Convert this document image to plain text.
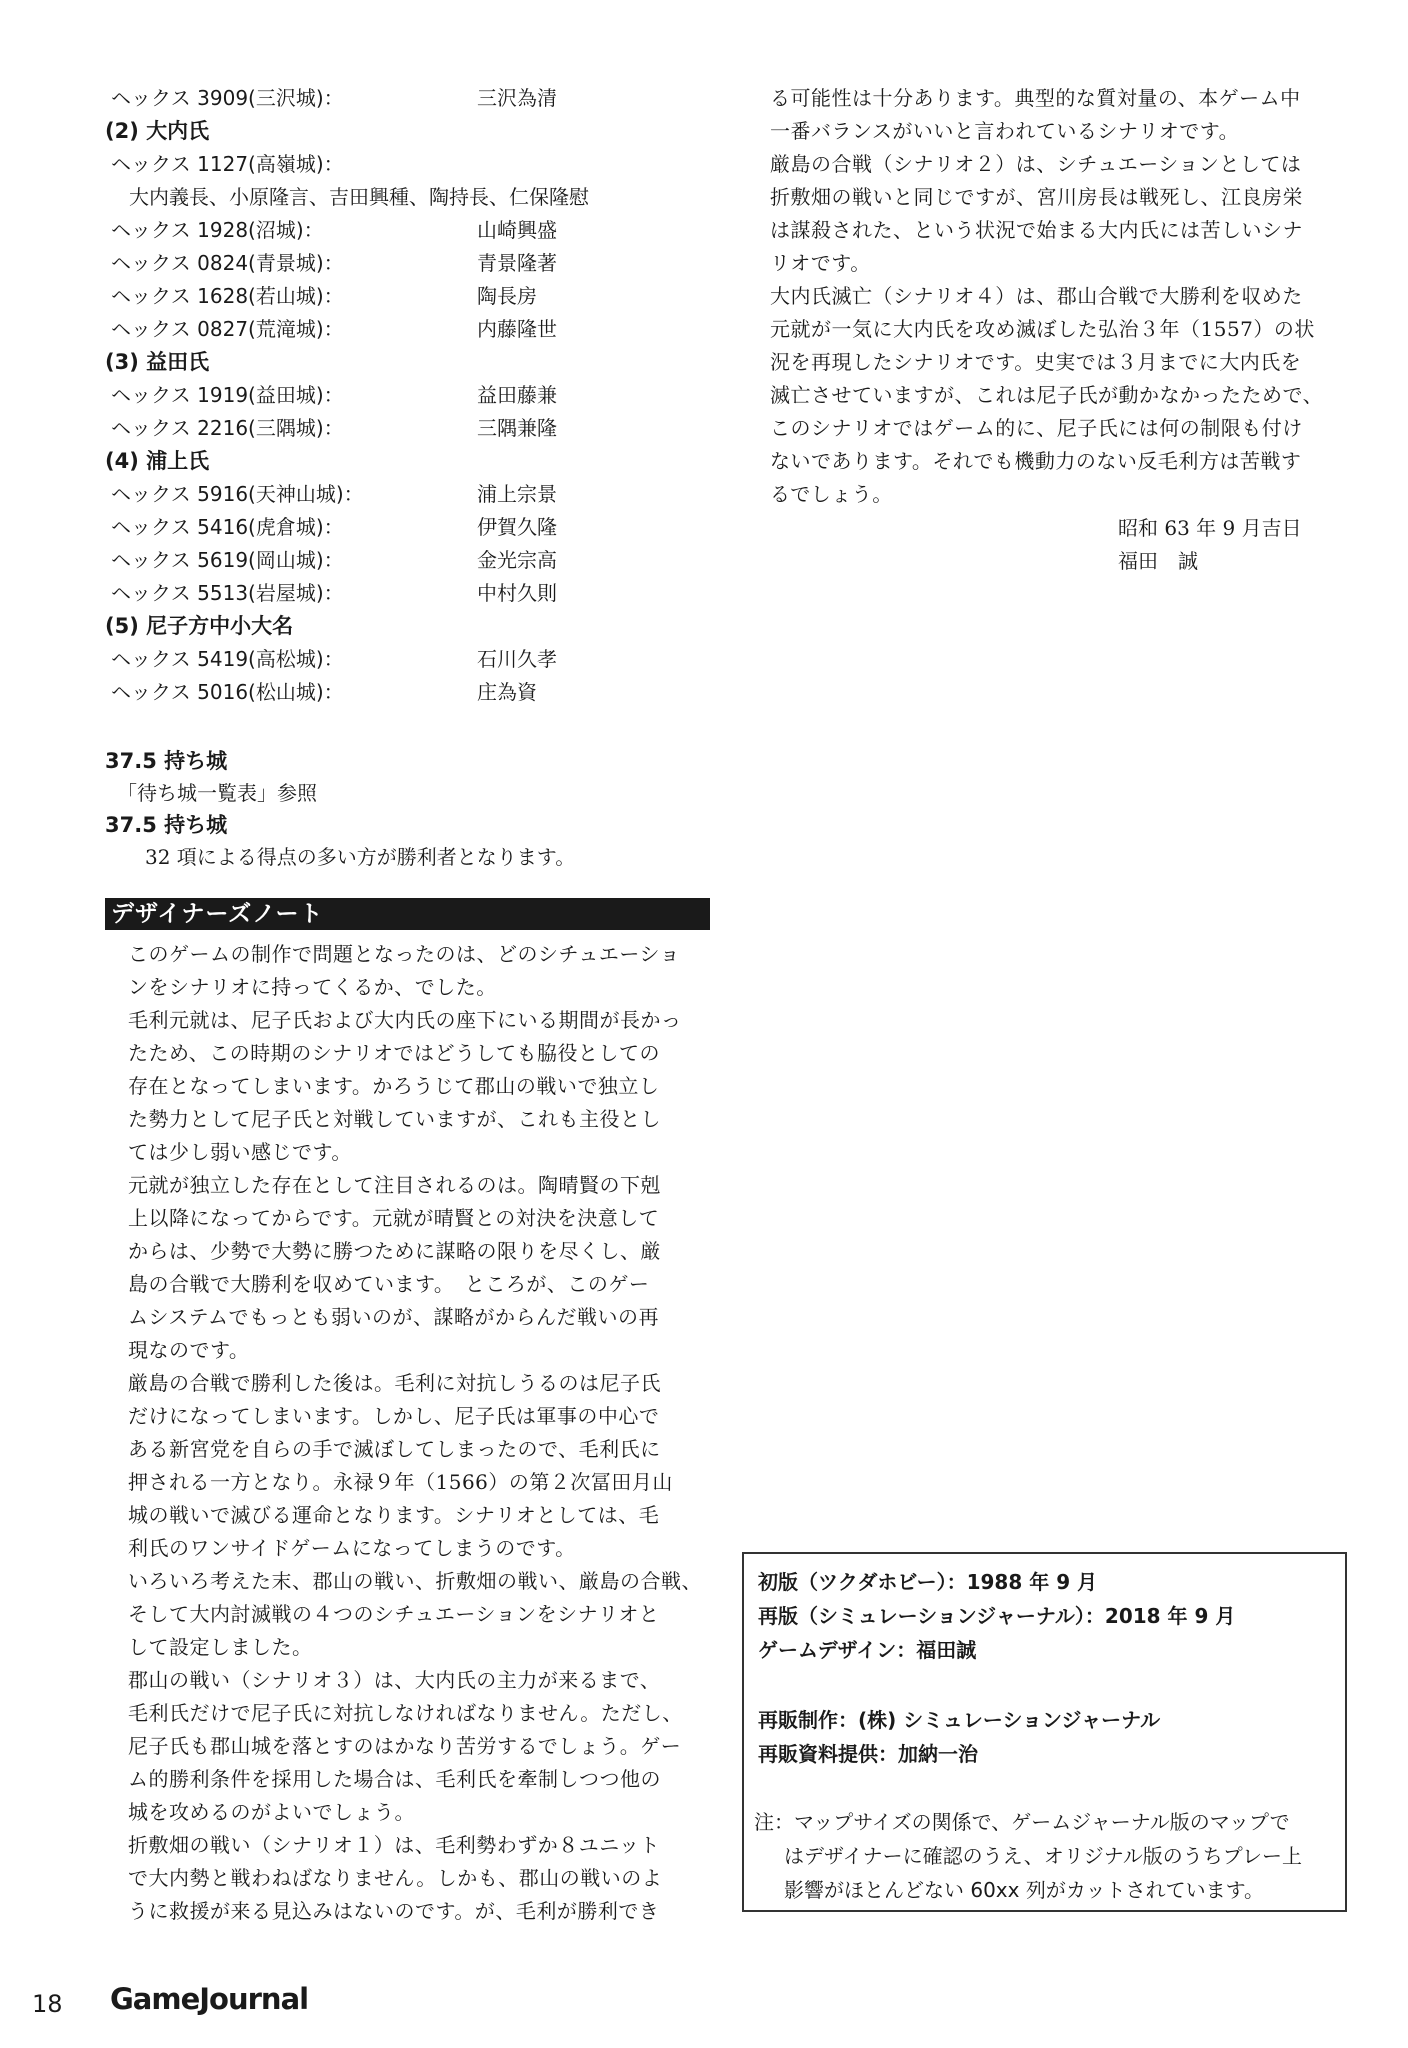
ヘックス 3909(三沢城)：	三沢為清
(2) 大内氏
ヘックス 1127(高嶺城)：
大内義長、小原隆言、吉田興種、陶持長、仁保隆慰
ヘックス 1928(沼城)：	山崎興盛
ヘックス 0824(青景城)：	青景隆著
ヘックス 1628(若山城)：	陶長房
ヘックス 0827(荒滝城)：	内藤隆世
(3) 益田氏
ヘックス 1919(益田城)：	益田藤兼
ヘックス 2216(三隅城)：	三隅兼隆
(4) 浦上氏
ヘックス 5916(天神山城)：	浦上宗景
ヘックス 5416(虎倉城)：	伊賀久隆
ヘックス 5619(岡山城)：	金光宗高
ヘックス 5513(岩屋城)：	中村久則
(5) 尼子方中小大名
ヘックス 5419(高松城)：	石川久孝
ヘックス 5016(松山城)：	庄為資
37.5 持ち城
「待ち城一覧表」参照
37.5 持ち城
32 項による得点の多い方が勝利者となります。
デザイナーズノート
このゲームの制作で問題となったのは、どのシチュエーショ
ンをシナリオに持ってくるか、でした。
毛利元就は、尼子氏および大内氏の座下にいる期間が長かっ
たため、この時期のシナリオではどうしても脇役としての
存在となってしまいます。かろうじて郡山の戦いで独立し
た勢力として尼子氏と対戦していますが、これも主役とし
ては少し弱い感じです。
元就が独立した存在として注目されるのは。陶晴賢の下剋
上以降になってからです。元就が晴賢との対決を決意して
からは、少勢で大勢に勝つために謀略の限りを尽くし、厳
島の合戦で大勝利を収めています。　ところが、このゲー
ムシステムでもっとも弱いのが、謀略がからんだ戦いの再
現なのです。
厳島の合戦で勝利した後は。毛利に対抗しうるのは尼子氏
だけになってしまいます。しかし、尼子氏は軍事の中心で
ある新宮党を自らの手で滅ぼしてしまったので、毛利氏に
押される一方となり。永禄９年（1566）の第２次冨田月山
城の戦いで滅びる運命となります。シナリオとしては、毛
利氏のワンサイドゲームになってしまうのです。
いろいろ考えた末、郡山の戦い、折敷畑の戦い、厳島の合戦、
そして大内討滅戦の４つのシチュエーションをシナリオと
して設定しました。
郡山の戦い（シナリオ３）は、大内氏の主力が来るまで、
毛利氏だけで尼子氏に対抗しなければなりません。ただし、
尼子氏も郡山城を落とすのはかなり苦労するでしょう。ゲー
ム的勝利条件を採用した場合は、毛利氏を牽制しつつ他の
城を攻めるのがよいでしょう。
折敷畑の戦い（シナリオ１）は、毛利勢わずか８ユニット
で大内勢と戦わねばなりません。しかも、郡山の戦いのよ
うに救援が来る見込みはないのです。が、毛利が勝利でき
る可能性は十分あります。典型的な質対量の、本ゲーム中
一番バランスがいいと言われているシナリオです。
厳島の合戦（シナリオ２）は、シチュエーションとしては
折敷畑の戦いと同じですが、宮川房長は戦死し、江良房栄
は謀殺された、という状況で始まる大内氏には苦しいシナ
リオです。
大内氏滅亡（シナリオ４）は、郡山合戦で大勝利を収めた
元就が一気に大内氏を攻め滅ぼした弘治３年（1557）の状
況を再現したシナリオです。史実では３月までに大内氏を
滅亡させていますが、これは尼子氏が動かなかったためで、
このシナリオではゲーム的に、尼子氏には何の制限も付け
ないであります。それでも機動力のない反毛利方は苦戦す
るでしょう。
昭和 63 年 9 月吉日
福田　誠
初版（ツクダホビー）：1988 年 9 月
再版（シミュレーションジャーナル）：2018 年 9 月
ゲームデザイン：福田誠
再販制作：(株) シミュレーションジャーナル
再販資料提供：加納一治
注：マップサイズの関係で、ゲームジャーナル版のマップで
はデザイナーに確認のうえ、オリジナル版のうちプレー上
影響がほとんどない 60xx 列がカットされています。
18 GameJournal
